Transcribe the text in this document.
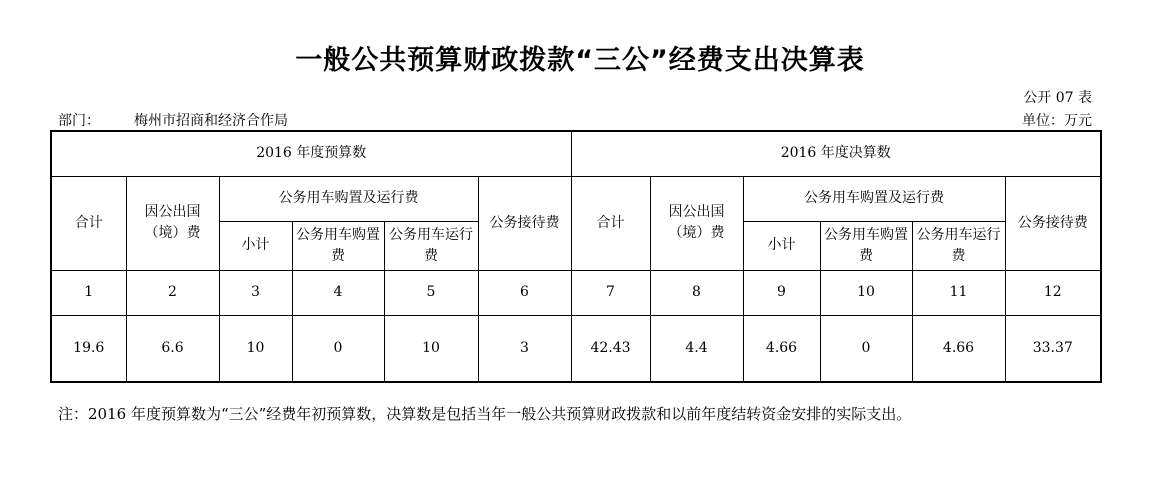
一般公共预算财政拨款“三公”经费支出决算表
公开 07 表
部门： 梅州市招商和经济合作局	单位：万元
2016 年度预算数						2016 年度决算数					
合计	因公出国（境）费	公务用车购置及运行费			公务接待费	合计	因公出国（境）费	公务用车购置及运行费			公务接待费
		小计	公务用车购置费	公务用车运行费				小计	公务用车购置费	公务用车运行费	
1	2	3	4	5	6	7	8	9	10	11	12
19.6	6.6	10	0	10	3	42.43	4.4	4.66	0	4.66	33.37
注：2016 年度预算数为“三公”经费年初预算数，决算数是包括当年一般公共预算财政拨款和以前年度结转资金安排的实际支出。
